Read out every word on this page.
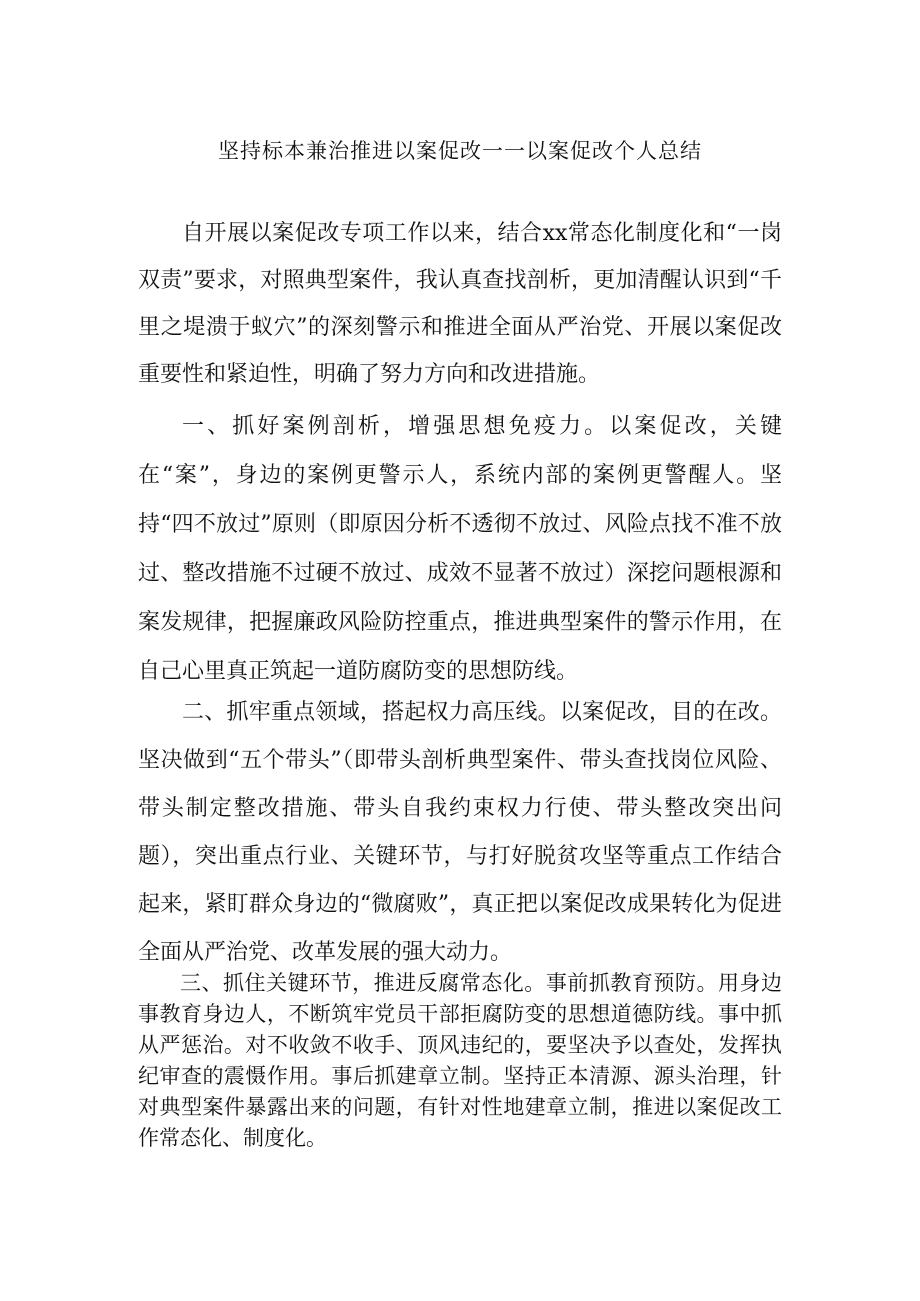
坚持标本兼治推进以案促改一一以案促改个人总结

自开展以案促改专项工作以来，结合xx常态化制度化和“一岗双责”要求，对照典型案件，我认真查找剖析，更加清醒认识到“千里之堤溃于蚁穴”的深刻警示和推进全面从严治党、开展以案促改重要性和紧迫性，明确了努力方向和改进措施。

一、抓好案例剖析，增强思想免疫力。以案促改，关键在“案”，身边的案例更警示人，系统内部的案例更警醒人。坚持“四不放过”原则（即原因分析不透彻不放过、风险点找不准不放过、整改措施不过硬不放过、成效不显著不放过）深挖问题根源和案发规律，把握廉政风险防控重点，推进典型案件的警示作用，在自己心里真正筑起一道防腐防变的思想防线。

二、抓牢重点领域，搭起权力高压线。以案促改，目的在改。坚决做到“五个带头”（即带头剖析典型案件、带头查找岗位风险、带头制定整改措施、带头自我约束权力行使、带头整改突出问题），突出重点行业、关键环节，与打好脱贫攻坚等重点工作结合起来，紧盯群众身边的“微腐败”，真正把以案促改成果转化为促进全面从严治党、改革发展的强大动力。

三、抓住关键环节，推进反腐常态化。事前抓教育预防。用身边事教育身边人，不断筑牢党员干部拒腐防变的思想道德防线。事中抓从严惩治。对不收敛不收手、顶风违纪的，要坚决予以查处，发挥执纪审查的震慑作用。事后抓建章立制。坚持正本清源、源头治理，针对典型案件暴露出来的问题，有针对性地建章立制，推进以案促改工作常态化、制度化。
